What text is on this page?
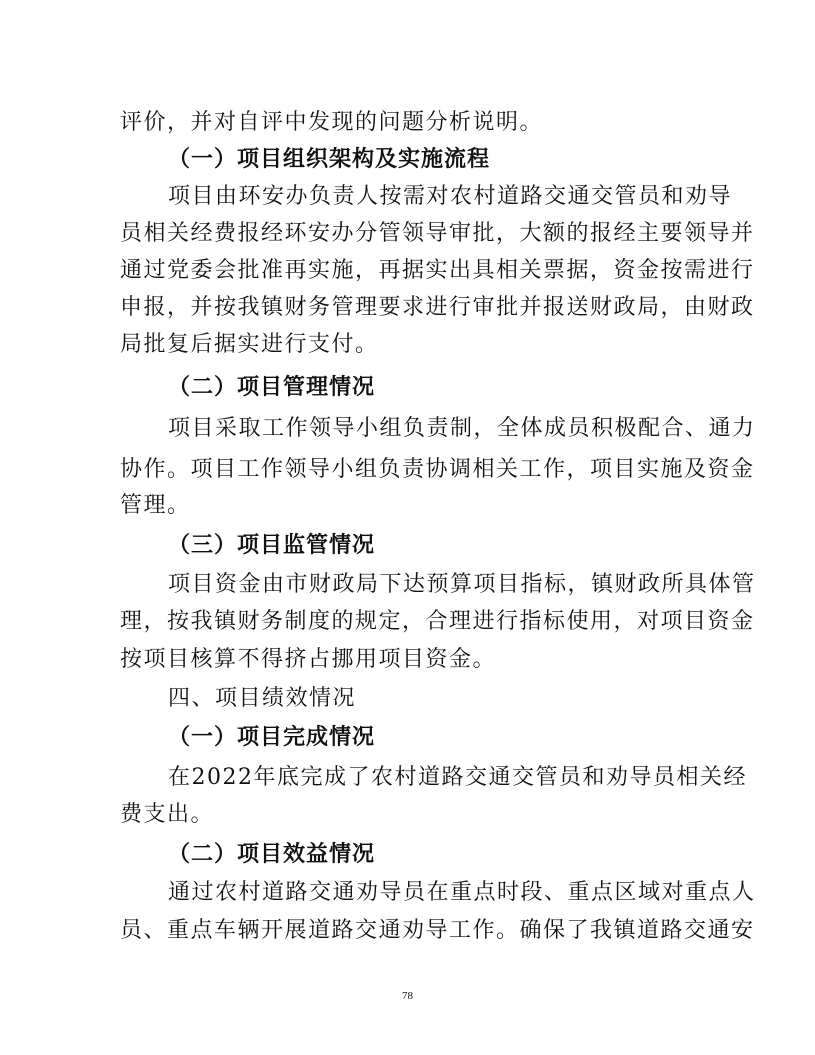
评价，并对自评中发现的问题分析说明。
（一）项目组织架构及实施流程
项目由环安办负责人按需对农村道路交通交管员和劝导
员相关经费报经环安办分管领导审批，大额的报经主要领导并
通过党委会批准再实施，再据实出具相关票据，资金按需进行
申报，并按我镇财务管理要求进行审批并报送财政局，由财政
局批复后据实进行支付。
（二）项目管理情况
项目采取工作领导小组负责制，全体成员积极配合、通力
协作。项目工作领导小组负责协调相关工作，项目实施及资金
管理。
（三）项目监管情况
项目资金由市财政局下达预算项目指标，镇财政所具体管
理，按我镇财务制度的规定，合理进行指标使用，对项目资金
按项目核算不得挤占挪用项目资金。
四、项目绩效情况
（一）项目完成情况
在2022年底完成了农村道路交通交管员和劝导员相关经
费支出。
（二）项目效益情况
通过农村道路交通劝导员在重点时段、重点区域对重点人
员、重点车辆开展道路交通劝导工作。确保了我镇道路交通安
78
